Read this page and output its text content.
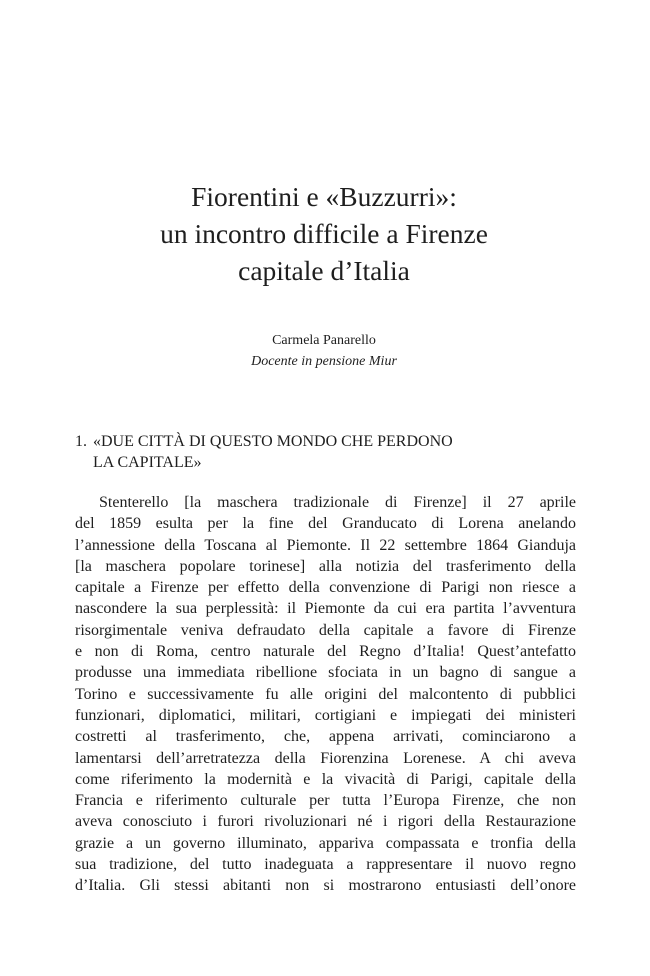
Fiorentini e «Buzzurri»:
un incontro difficile a Firenze
capitale d’Italia
Carmela Panarello
Docente in pensione Miur
1. «DUE CITTÀ DI QUESTO MONDO CHE PERDONO
LA CAPITALE»
Stenterello [la maschera tradizionale di Firenze] il 27 aprile
del 1859 esulta per la fine del Granducato di Lorena anelando
l’annessione della Toscana al Piemonte. Il 22 settembre 1864 Gianduja
[la maschera popolare torinese] alla notizia del trasferimento della
capitale a Firenze per effetto della convenzione di Parigi non riesce a
nascondere la sua perplessità: il Piemonte da cui era partita l’avventura
risorgimentale veniva defraudato della capitale a favore di Firenze
e non di Roma, centro naturale del Regno d’Italia! Quest’antefatto
produsse una immediata ribellione sfociata in un bagno di sangue a
Torino e successivamente fu alle origini del malcontento di pubblici
funzionari, diplomatici, militari, cortigiani e impiegati dei ministeri
costretti al trasferimento, che, appena arrivati, cominciarono a
lamentarsi dell’arretratezza della Fiorenzina Lorenese. A chi aveva
come riferimento la modernità e la vivacità di Parigi, capitale della
Francia e riferimento culturale per tutta l’Europa Firenze, che non
aveva conosciuto i furori rivoluzionari né i rigori della Restaurazione
grazie a un governo illuminato, appariva compassata e tronfia della
sua tradizione, del tutto inadeguata a rappresentare il nuovo regno
d’Italia. Gli stessi abitanti non si mostrarono entusiasti dell’onore
